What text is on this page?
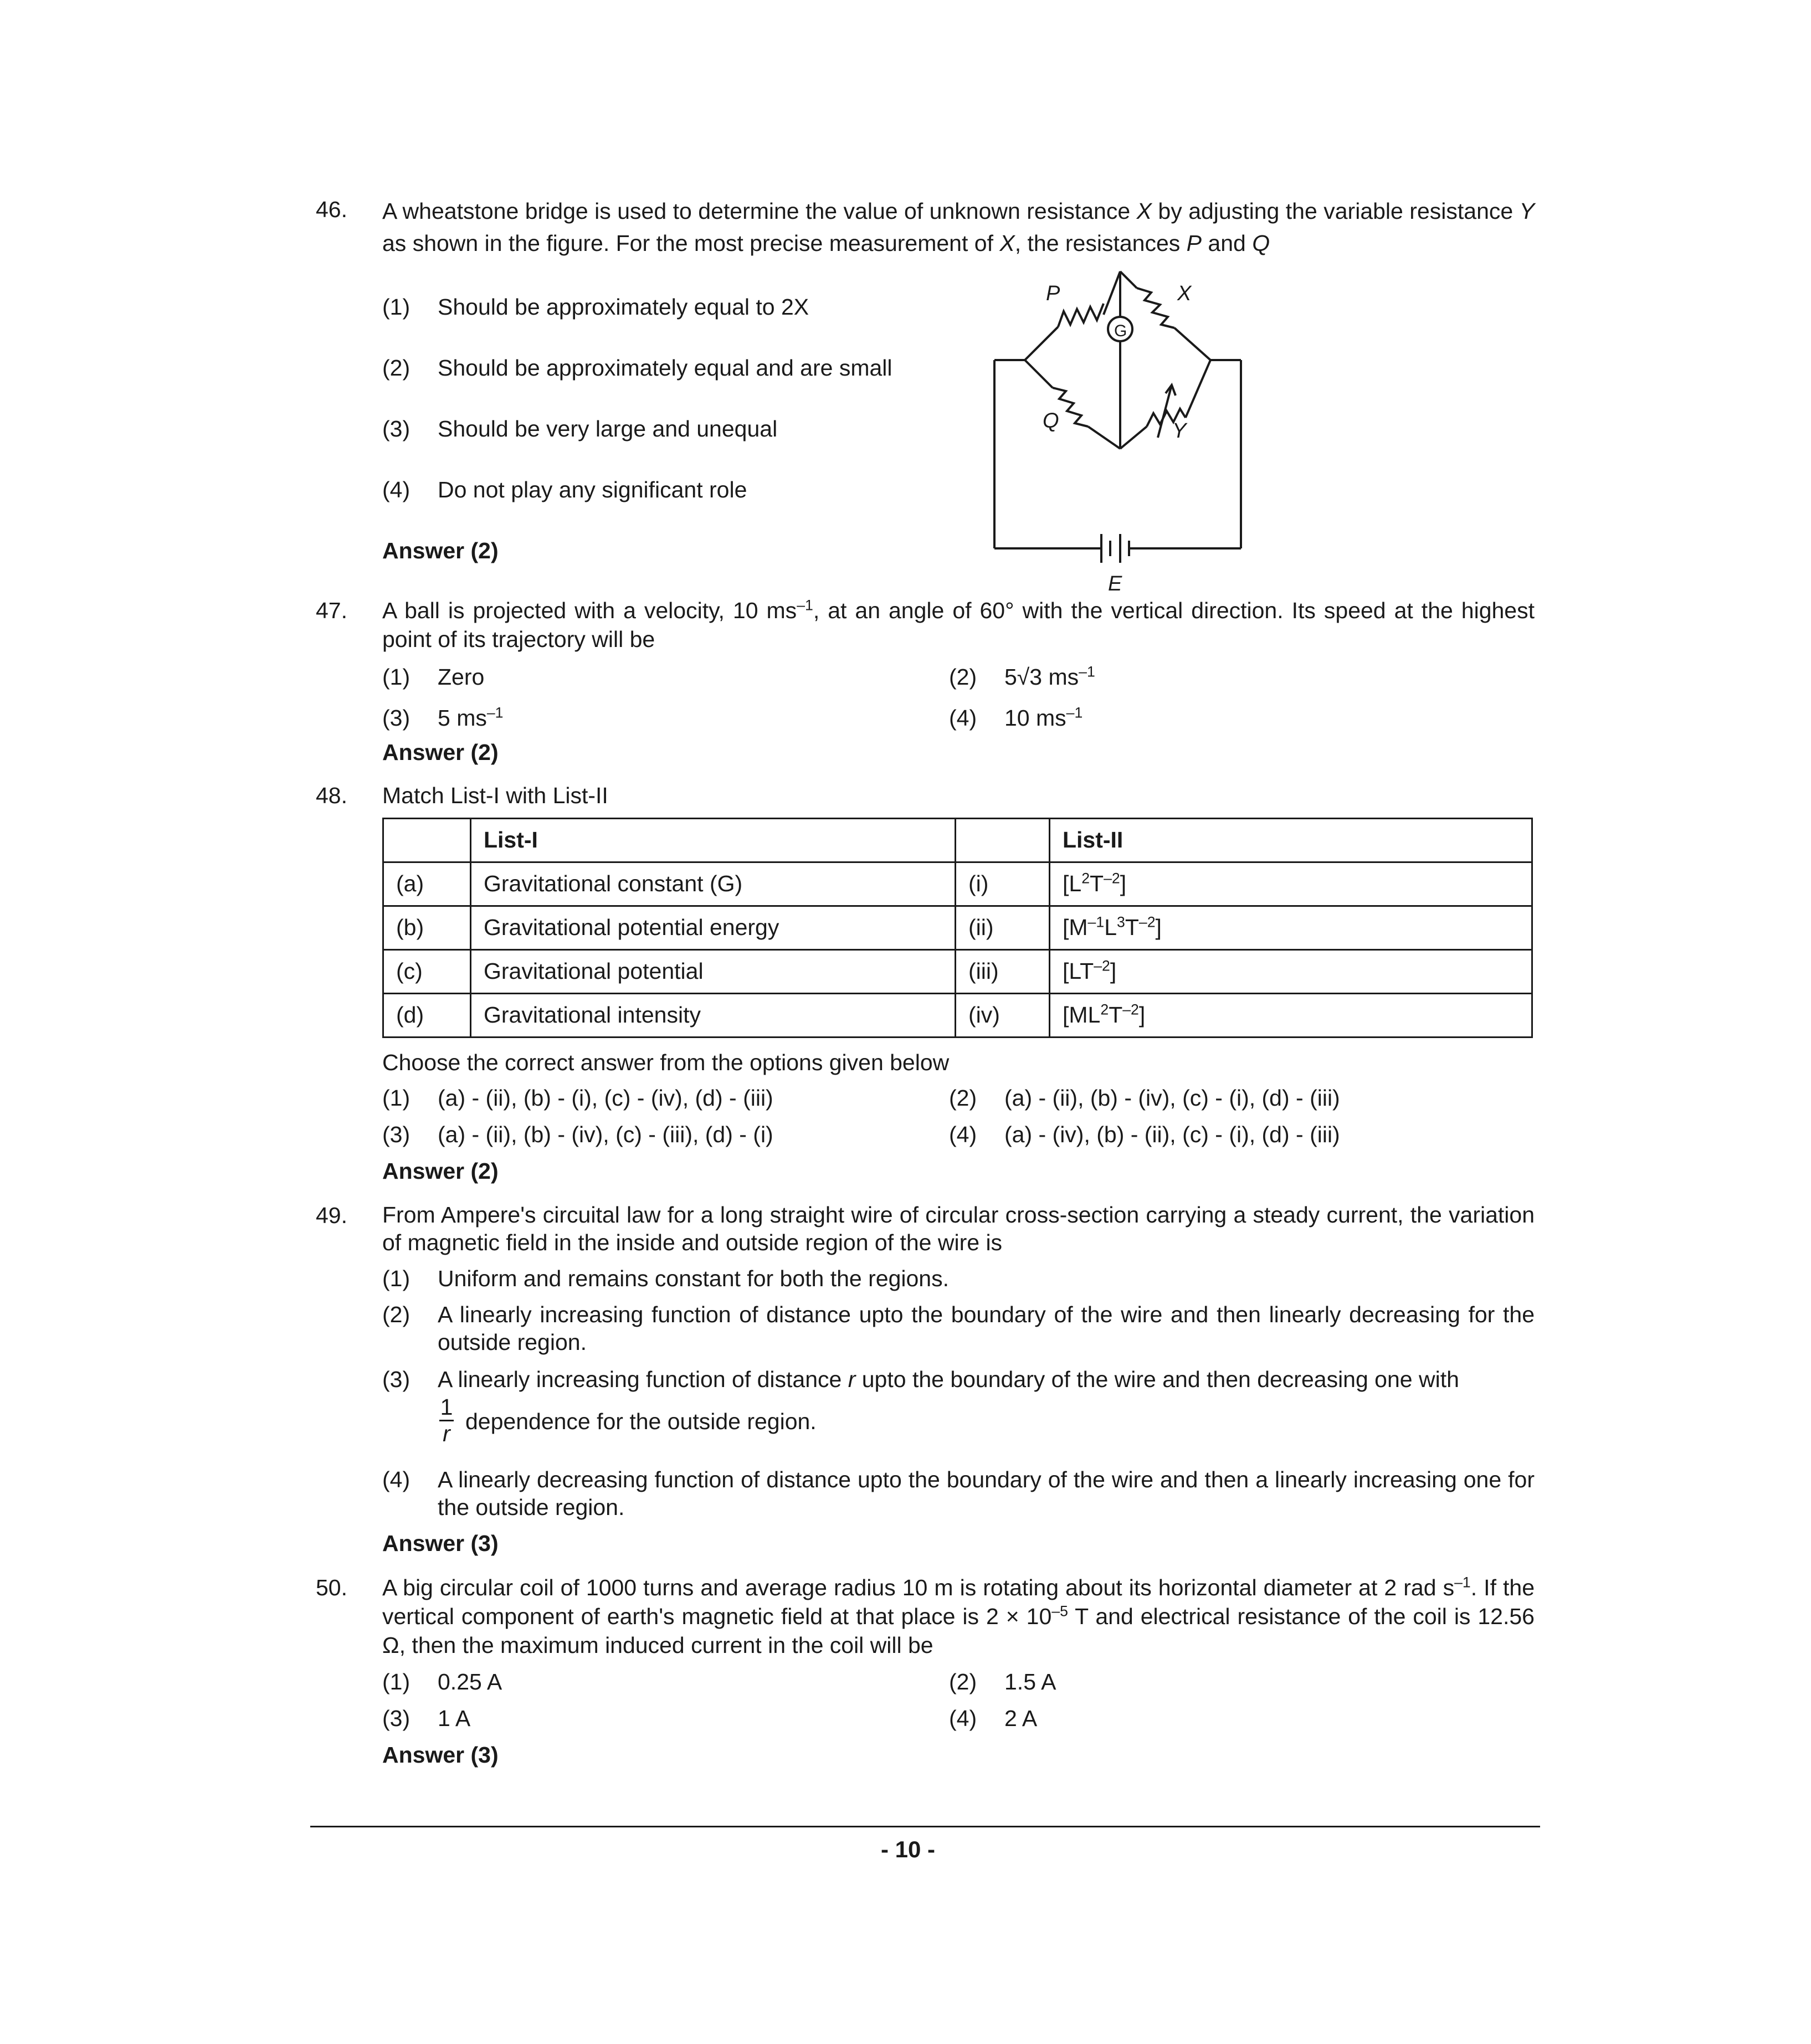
46. A wheatstone bridge is used to determine the value of unknown resistance X by adjusting the variable resistance Y as shown in the figure. For the most precise measurement of X, the resistances P and Q
(1) Should be approximately equal to 2X
(2) Should be approximately equal and are small
(3) Should be very large and unequal
(4) Do not play any significant role
Answer (2)
P	X
Q	Y
E
G
47. A ball is projected with a velocity, 10 $ms^{-1}$, at an angle of 60° with the vertical direction. Its speed at the highest point of its trajectory will be
(1) Zero	(2) 5√3 $ms^{-1}$
(3) 5 $ms^{-1}$	(4) 10 $ms^{-1}$
Answer (2)
48. Match List-I with List-II
	List-I		List-II
(a)	Gravitational constant (G)	(i)	$[L^2T^{-2}]$
(b)	Gravitational potential energy	(ii)	$[M^{-1}L^3T^{-2}]$
(c)	Gravitational potential	(iii)	$[LT^{-2}]$
(d)	Gravitational intensity	(iv)	$[ML^2T^{-2}]$
Choose the correct answer from the options given below
(1) (a) - (ii), (b) - (i), (c) - (iv), (d) - (iii)	(2) (a) - (ii), (b) - (iv), (c) - (i), (d) - (iii)
(3) (a) - (ii), (b) - (iv), (c) - (iii), (d) - (i)	(4) (a) - (iv), (b) - (ii), (c) - (i), (d) - (iii)
Answer (2)
49. From Ampere's circuital law for a long straight wire of circular cross-section carrying a steady current, the variation of magnetic field in the inside and outside region of the wire is
(1) Uniform and remains constant for both the regions.
(2)	A linearly increasing function of distance upto the boundary of the wire and then linearly decreasing for the outside region.
(3)	A linearly increasing function of distance r upto the boundary of the wire and then decreasing one with
$\frac{1}{r}$ dependence for the outside region.
(4)	A linearly decreasing function of distance upto the boundary of the wire and then a linearly increasing one for the outside region.
Answer (3)
50. A big circular coil of 1000 turns and average radius 10 m is rotating about its horizontal diameter at 2 rad $s^{-1}$. If the vertical component of earth's magnetic field at that place is $2 \times 10^{-5}$ T and electrical resistance of the coil is 12.56 Ω, then the maximum induced current in the coil will be
(1) 0.25 A	(2) 1.5 A
(3) 1 A	(4) 2 A
Answer (3)
- 10 -
